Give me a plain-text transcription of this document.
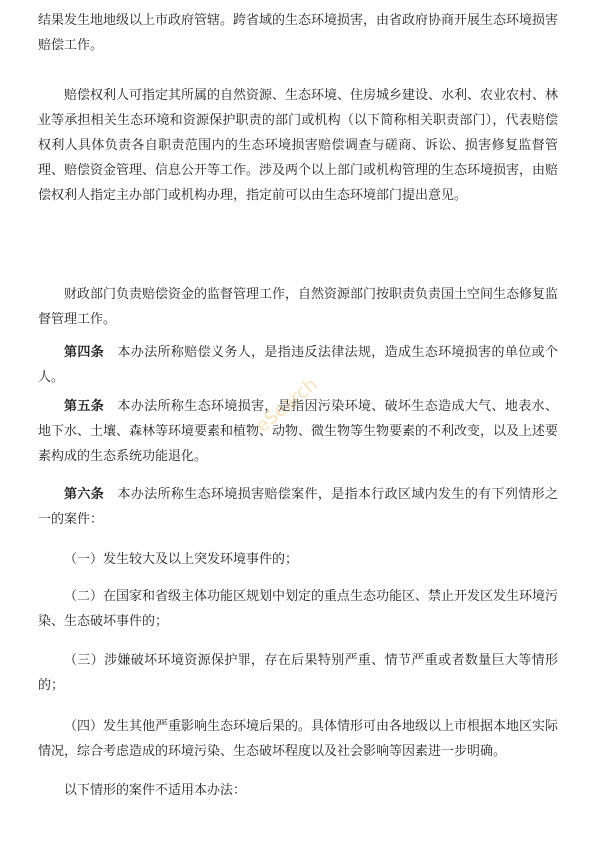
结果发生地地级以上市政府管辖。跨省域的生态环境损害，由省政府协商开展生态环境损害赔偿工作。

赔偿权利人可指定其所属的自然资源、生态环境、住房城乡建设、水利、农业农村、林业等承担相关生态环境和资源保护职责的部门或机构（以下简称相关职责部门），代表赔偿权利人具体负责各自职责范围内的生态环境损害赔偿调查与磋商、诉讼、损害修复监督管理、赔偿资金管理、信息公开等工作。涉及两个以上部门或机构管理的生态环境损害，由赔偿权利人指定主办部门或机构办理，指定前可以由生态环境部门提出意见。

财政部门负责赔偿资金的监督管理工作，自然资源部门按职责负责国土空间生态修复监督管理工作。

第四条　 本办法所称赔偿义务人，是指违反法律法规，造成生态环境损害的单位或个人。

第五条　 本办法所称生态环境损害，是指因污染环境、破坏生态造成大气、地表水、地下水、土壤、森林等环境要素和植物、动物、微生物等生物要素的不利改变，以及上述要素构成的生态系统功能退化。

第六条　 本办法所称生态环境损害赔偿案件，是指本行政区域内发生的有下列情形之一的案件：

（一）发生较大及以上突发环境事件的；

（二）在国家和省级主体功能区规划中划定的重点生态功能区、禁止开发区发生环境污染、生态破坏事件的；

（三）涉嫌破坏环境资源保护罪，存在后果特别严重、情节严重或者数量巨大等情形的；

（四）发生其他严重影响生态环境后果的。具体情形可由各地级以上市根据本地区实际情况，综合考虑造成的环境污染、生态破坏程度以及社会影响等因素进一步明确。

以下情形的案件不适用本办法：

eSearch
